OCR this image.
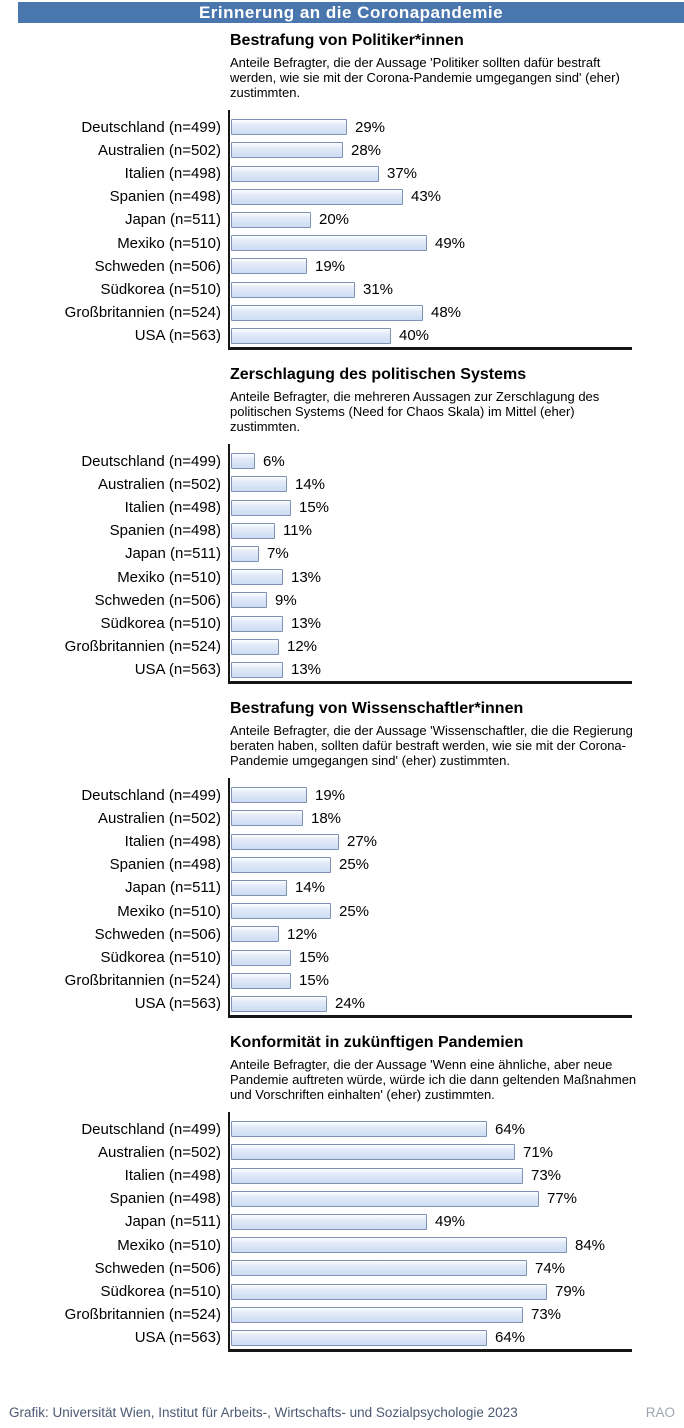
Erinnerung an die Coronapandemie
Bestrafung von Politiker*innen
Anteile Befragter, die der Aussage 'Politiker sollten dafür bestraft werden, wie sie mit der Corona-Pandemie umgegangen sind' (eher) zustimmten.
Deutschland (n=499)
Australien (n=502)
Italien (n=498)
Spanien (n=498)
Japan (n=511)
Mexiko (n=510)
Schweden (n=506)
Südkorea (n=510)
Großbritannien (n=524)
USA (n=563)
29%
28%
37%
43%
20%
49%
19%
31%
48%
40%
Zerschlagung des politischen Systems
Anteile Befragter, die mehreren Aussagen zur Zerschlagung des politischen Systems (Need for Chaos Skala) im Mittel (eher) zustimmten.
Deutschland (n=499)
Australien (n=502)
Italien (n=498)
Spanien (n=498)
Japan (n=511)
Mexiko (n=510)
Schweden (n=506)
Südkorea (n=510)
Großbritannien (n=524)
USA (n=563)
6%
14%
15%
11%
7%
13%
9%
13%
12%
13%
Bestrafung von Wissenschaftler*innen
Anteile Befragter, die der Aussage 'Wissenschaftler, die die Regierung beraten haben, sollten dafür bestraft werden, wie sie mit der Corona-Pandemie umgegangen sind' (eher) zustimmten.
Deutschland (n=499)
Australien (n=502)
Italien (n=498)
Spanien (n=498)
Japan (n=511)
Mexiko (n=510)
Schweden (n=506)
Südkorea (n=510)
Großbritannien (n=524)
USA (n=563)
19%
18%
27%
25%
14%
25%
12%
15%
15%
24%
Konformität in zukünftigen Pandemien
Anteile Befragter, die der Aussage 'Wenn eine ähnliche, aber neue Pandemie auftreten würde, würde ich die dann geltenden Maßnahmen und Vorschriften einhalten' (eher) zustimmten.
Deutschland (n=499)
Australien (n=502)
Italien (n=498)
Spanien (n=498)
Japan (n=511)
Mexiko (n=510)
Schweden (n=506)
Südkorea (n=510)
Großbritannien (n=524)
USA (n=563)
64%
71%
73%
77%
49%
84%
74%
79%
73%
64%
Grafik: Universität Wien, Institut für Arbeits-, Wirtschafts- und Sozialpsychologie 2023	RAO
